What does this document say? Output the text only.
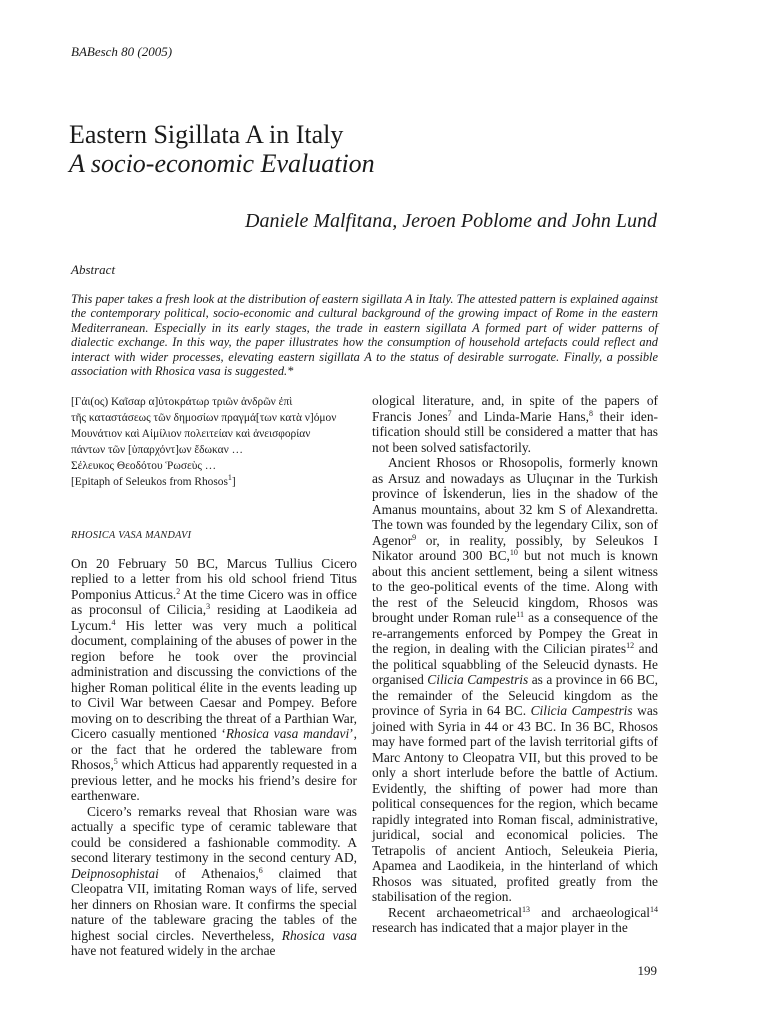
BABesch 80 (2005)
Eastern Sigillata A in Italy
A socio-economic Evaluation
Daniele Malfitana, Jeroen Poblome and John Lund
Abstract

This paper takes a fresh look at the distribution of eastern sigillata A in Italy. The attested pattern is explained against the contemporary political, socio-economic and cultural background of the growing impact of Rome in the eastern Mediterranean. Especially in its early stages, the trade in eastern sigillata A formed part of wider patterns of dialectic exchange. In this way, the paper illustrates how the consumption of household artefacts could reflect and interact with wider processes, elevating eastern sigillata A to the status of desirable surrogate. Finally, a possible association with Rhosica vasa is suggested.*

[Γάι(ος) Καῖσαρ α]ὐτοκράτωρ τρι⁠ῶν ἀνδρῶν ἐπὶ
τῆς καταστάσεως τῶν δημοσίων πραγμά[των κατὰ ν]όμον
Μουνάτιον καὶ Αἰμίλιον πολειτείαν καὶ ἀνεισφορίαν
πάντων τῶν [ὑπαρχόντ]ων ἔδωκαν …
Σέλευκος Θεοδότου Ῥωσεὺς …
[Epitaph of Seleukos from Rhosos$^1$]
RHOSICA VASA MANDAVI

On 20 February 50 BC, Marcus Tullius Cicero replied to a letter from his old school friend Titus Pomponius Atticus.$^2$ At the time Cicero was in office as proconsul of Cilicia,$^3$ residing at Laodikeia ad Lycum.$^4$ His letter was very much a political document, complaining of the abuses of power in the region before he took over the provincial administration and discussing the convictions of the higher Roman political élite in the events leading up to Civil War between Caesar and Pompey. Before moving on to describing the threat of a Parthian War, Cicero casually mentioned ‘Rhosica vasa mandavi’, or the fact that he ordered the tableware from Rhosos,$^5$ which Atticus had apparently requested in a previous letter, and he mocks his friend’s desire for earthenware.

Cicero’s remarks reveal that Rhosian ware was actually a specific type of ceramic tableware that could be considered a fashionable commodity. A second literary testimony in the second century AD, Deipnosophistai of Athenaios,$^6$ claimed that Cleopatra VII, imitating Roman ways of life, served her dinners on Rhosian ware. It confirms the special nature of the tableware gracing the tables of the highest social circles. Nevertheless, Rhosica vasa have not featured widely in the archae

ological literature, and, in spite of the papers of Francis Jones$^7$ and Linda-Marie Hans,$^8$ their identification should still be considered a matter that has not been solved satisfactorily.

Ancient Rhosos or Rhosopolis, formerly known as Arsuz and nowadays as Uluçınar in the Turkish province of İskenderun, lies in the shadow of the Amanus mountains, about 32 km S of Alexandretta. The town was founded by the legendary Cilix, son of Agenor$^9$ or, in reality, possibly, by Seleukos I Nikator around 300 BC,$^{10}$ but not much is known about this ancient settlement, being a silent witness to the geo-political events of the time. Along with the rest of the Seleucid kingdom, Rhosos was brought under Roman rule$^{11}$ as a consequence of the re-arrangements enforced by Pompey the Great in the region, in dealing with the Cilician pirates$^{12}$ and the political squabbling of the Seleucid dynasts. He organised Cilicia Campestris as a province in 66 BC, the remainder of the Seleucid kingdom as the province of Syria in 64 BC. Cilicia Campestris was joined with Syria in 44 or 43 BC. In 36 BC, Rhosos may have formed part of the lavish territorial gifts of Marc Antony to Cleopatra VII, but this proved to be only a short interlude before the battle of Actium. Evidently, the shifting of power had more than political consequences for the region, which became rapidly integrated into Roman fiscal, administrative, juridical, social and economical policies. The Tetrapolis of ancient Antioch, Seleukeia Pieria, Apamea and Laodikeia, in the hinterland of which Rhosos was situated, profited greatly from the stabilisation of the region.

Recent archaeometrical$^{13}$ and archaeological$^{14}$ research has indicated that a major player in the

199
